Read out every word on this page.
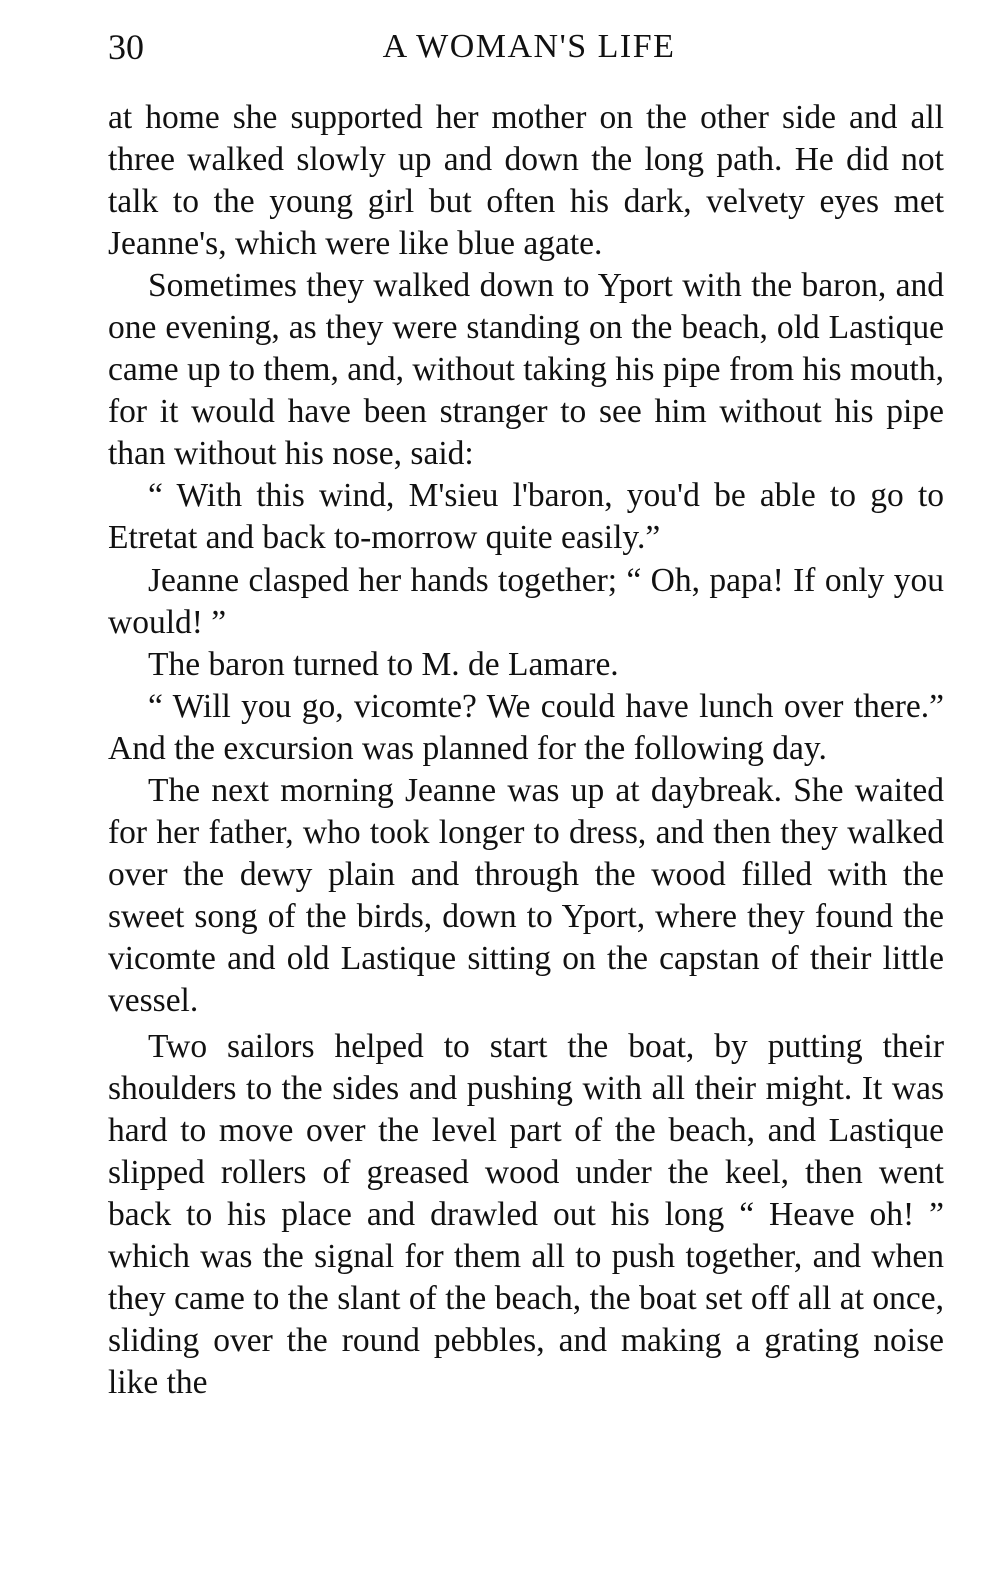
30	A WOMAN'S LIFE

at home she supported her mother on the other side and all three walked slowly up and down the long path. He did not talk to the young girl but often his dark, velvety eyes met Jeanne's, which were like blue agate.

Sometimes they walked down to Yport with the baron, and one evening, as they were standing on the beach, old Lastique came up to them, and, without taking his pipe from his mouth, for it would have been stranger to see him without his pipe than without his nose, said:

“ With this wind, M'sieu l'baron, you'd be able to go to Etretat and back to-morrow quite easily.”

Jeanne clasped her hands together; “ Oh, papa! If only you would! ”

The baron turned to M. de Lamare.

“ Will you go, vicomte? We could have lunch over there.” And the excursion was planned for the following day.

The next morning Jeanne was up at daybreak. She waited for her father, who took longer to dress, and then they walked over the dewy plain and through the wood filled with the sweet song of the birds, down to Yport, where they found the vicomte and old Lastique sitting on the capstan of their little vessel.

Two sailors helped to start the boat, by putting their shoulders to the sides and pushing with all their might. It was hard to move over the level part of the beach, and Lastique slipped rollers of greased wood under the keel, then went back to his place and drawled out his long “ Heave oh! ” which was the signal for them all to push together, and when they came to the slant of the beach, the boat set off all at once, sliding over the round pebbles, and making a grating noise like the
